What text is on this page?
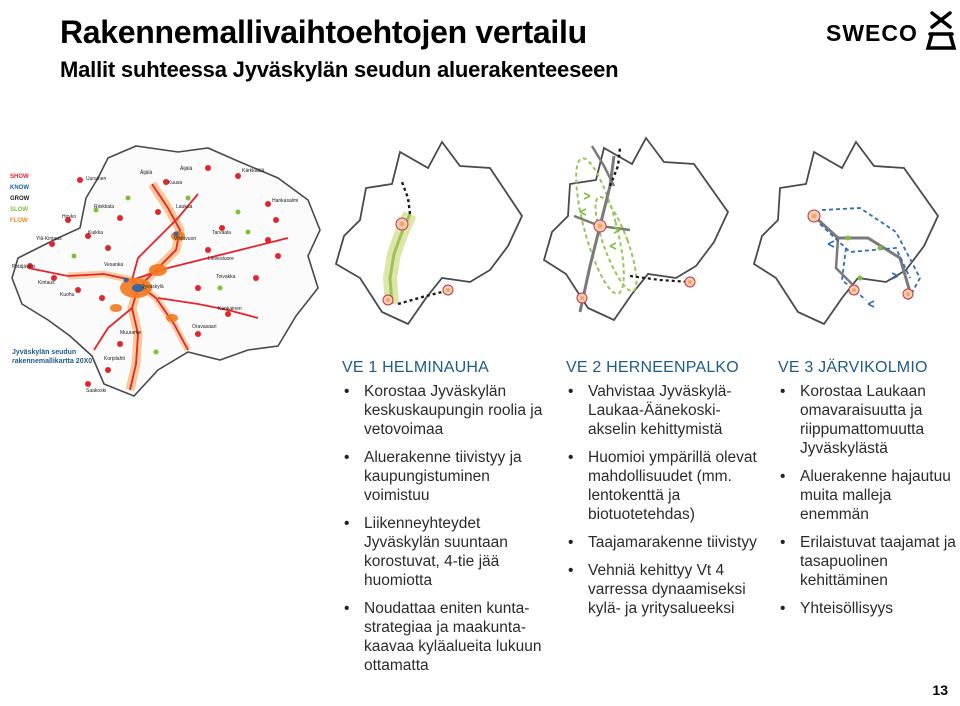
Rakennemallivaihtoehtojen vertailu
Mallit suhteessa Jyväskylän seudun aluerakenteeseen
SWECO
Uurainen
Äijälä
Äijälä	Kärkkäälä
Kuusa
Riiskkala
Hoyko
Laukaa
Hankasalmi
Ylä-Kintaus
Kuikka
Vihtavuori
Tarvaala
Petäjävesi	Vesanka
Lievestuore
Kintaus
Kuohu
Jyväskylä
Kankainen
Muurame
Korpilahti
Saakoski
Oravasaari
Toivakka
SHOW
KNOW
GROW
SLOW
FLOW
Jyväskylän seudun rakennemallikartta 20X0	VE 1 HELMINAUHA
• Korostaa Jyväskylän keskuskaupungin roolia ja vetovoimaa
• Aluerakenne tiivistyy ja kaupungistuminen voimistuu
• Liikenneyhteydet Jyväskylän suuntaan korostuvat, 4-tie jää huomiotta
• Noudattaa eniten kunta-strategiaa ja maakunta-kaavaa kyläalueita lukuun ottamatta
VE 2 HERNEENPALKO
• Vahvistaa Jyväskylä-Laukaa-Äänekoski-akselin kehittymistä
• Huomioi ympärillä olevat mahdollisuudet (mm. lentokenttä ja biotuotetehdas)
• Taajamarakenne tiivistyy
• Vehniä kehittyy Vt 4 varressa dynaamiseksi kylä- ja yritysalueeksi
VE 3 JÄRVIKOLMIO
• Korostaa Laukaan omavaraisuutta ja riippumattomuutta Jyväskylästä
• Aluerakenne hajautuu muita malleja enemmän
• Erilaistuvat taajamat ja tasapuolinen kehittäminen
• Yhteisöllisyys
13
